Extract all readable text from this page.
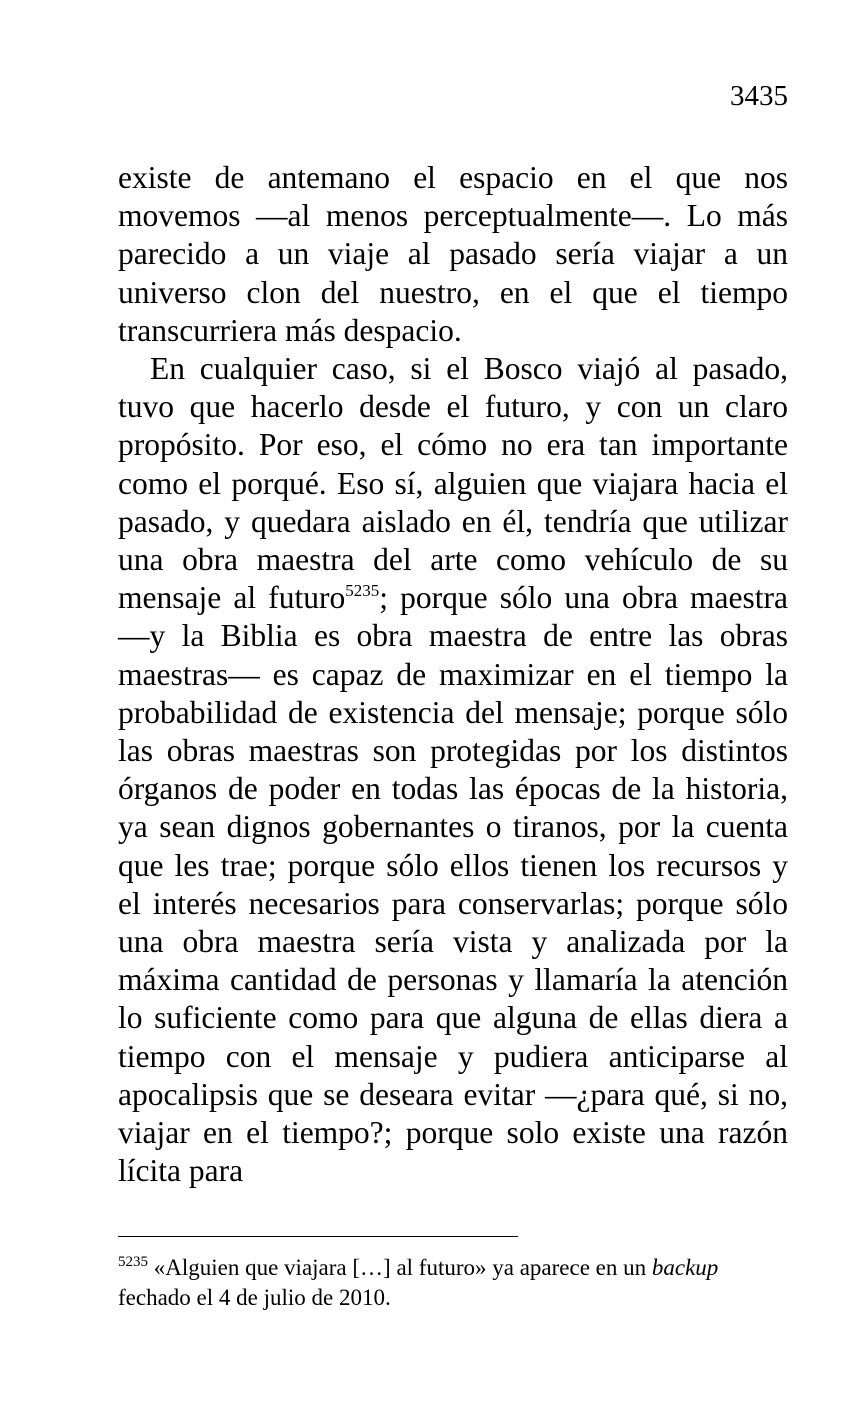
3435

existe de antemano el espacio en el que nos movemos —al menos perceptualmente—. Lo más parecido a un viaje al pasado sería viajar a un universo clon del nuestro, en el que el tiempo transcurriera más despacio.

En cualquier caso, si el Bosco viajó al pasado, tuvo que hacerlo desde el futuro, y con un claro propósito. Por eso, el cómo no era tan importante como el porqué. Eso sí, alguien que viajara hacia el pasado, y quedara aislado en él, tendría que utilizar una obra maestra del arte como vehículo de su mensaje al futuro$^{5235}$; porque sólo una obra maestra —y la Biblia es obra maestra de entre las obras maestras— es capaz de maximizar en el tiempo la probabilidad de existencia del mensaje; porque sólo las obras maestras son protegidas por los distintos órganos de poder en todas las épocas de la historia, ya sean dignos gobernantes o tiranos, por la cuenta que les trae; porque sólo ellos tienen los recursos y el interés necesarios para conservarlas; porque sólo una obra maestra sería vista y analizada por la máxima cantidad de personas y llamaría la atención lo suficiente como para que alguna de ellas diera a tiempo con el mensaje y pudiera anticiparse al apocalipsis que se deseara evitar —¿para qué, si no, viajar en el tiempo?; porque solo existe una razón lícita para

$^{5235}$ «Alguien que viajara […] al futuro» ya aparece en un backup fechado el 4 de julio de 2010.
